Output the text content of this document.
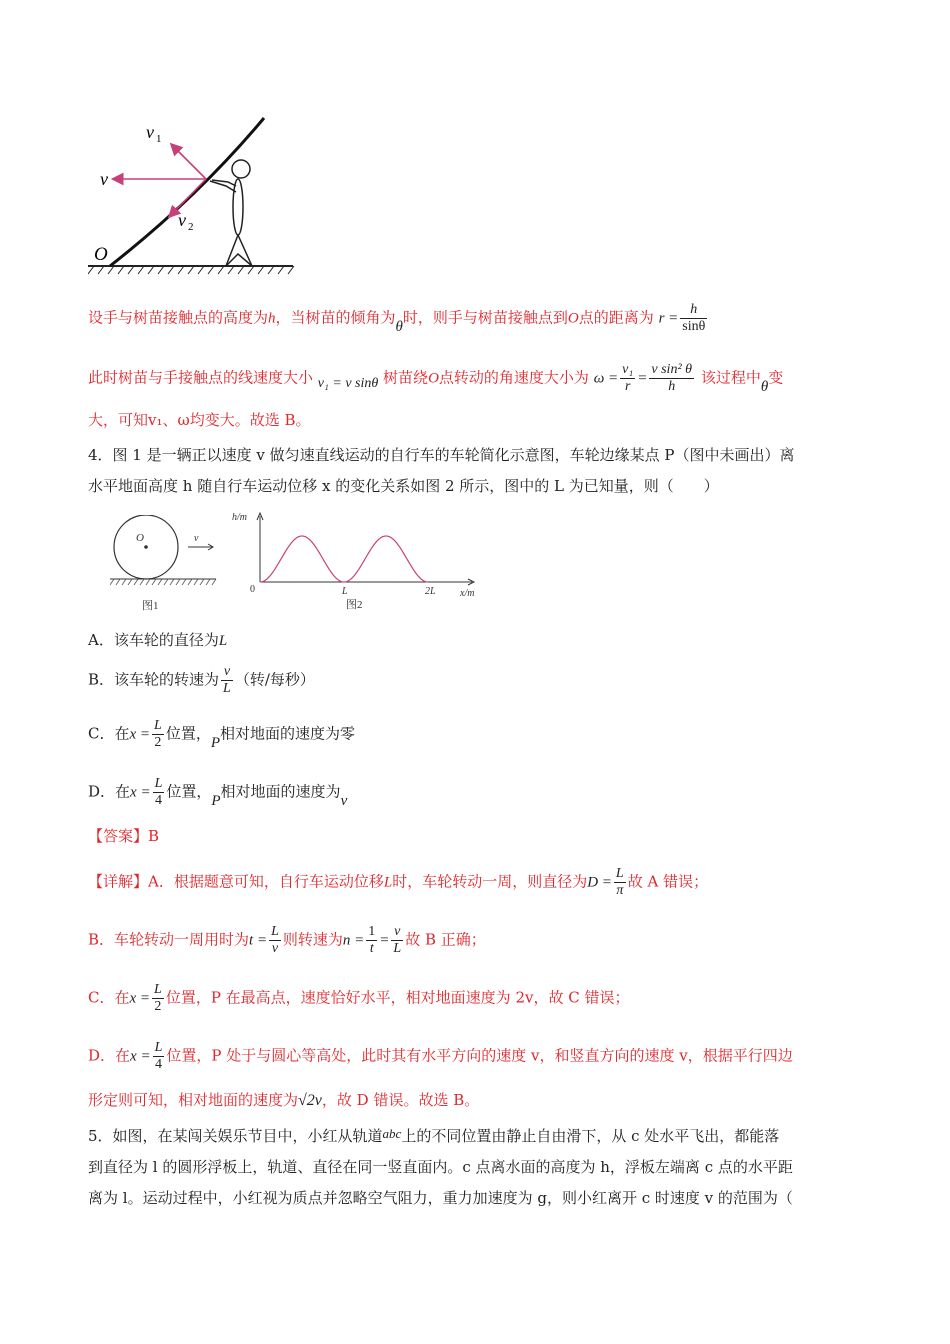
v 1
v
v 2
O
设手与树苗接触点的高度为h，当树苗的倾角为θ时，则手与树苗接触点到O点的距离为 $r = \frac{h}{\sin\theta}$
此时树苗与手接触点的线速度大小 v₁ = v sinθ 树苗绕O点转动的角速度大小为 $\omega = \frac{\text{v₁}}{r} = \frac{\text{v sin² θ}}{h}$ 该过程中θ变
大，可知v₁、ω均变大。故选 B。
4．图 1 是一辆正以速度 v 做匀速直线运动的自行车的车轮简化示意图，车轮边缘某点 P（图中未画出）离
水平地面高度 h 随自行车运动位移 x 的变化关系如图 2 所示，图中的 L 为已知量，则（　　）
O	v
图1
h/m
x/m
0	L	2L
图2
A．该车轮的直径为L
B．该车轮的转速为 $\frac{v}{L}$ （转/每秒）
C．在$x = \frac{L}{2}$ 位置，P相对地面的速度为零
D．在$x = \frac{L}{4}$ 位置，P相对地面的速度为v
【答案】B
【详解】A．根据题意可知，自行车运动位移L时，车轮转动一周，则直径为$D = \frac{L}{\pi}$ 故 A 错误；
B．车轮转动一周用时为$t = \frac{L}{v}$ 则转速为$n = \frac{1}{t} = \frac{v}{L}$ 故 B 正确；
C．在$x = \frac{L}{2}$ 位置，P 在最高点，速度恰好水平，相对地面速度为 2v，故 C 错误；
D．在$x = \frac{L}{4}$ 位置，P 处于与圆心等高处，此时其有水平方向的速度 v，和竖直方向的速度 v，根据平行四边
形定则可知，相对地面的速度为√2v，故 D 错误。故选 B。
5．如图，在某闯关娱乐节目中，小红从轨道abc上的不同位置由静止自由滑下，从 c 处水平飞出，都能落
到直径为 l 的圆形浮板上，轨道、直径在同一竖直面内。c 点离水面的高度为 h，浮板左端离 c 点的水平距
离为 l。运动过程中，小红视为质点并忽略空气阻力，重力加速度为 g，则小红离开 c 时速度 v 的范围为（
